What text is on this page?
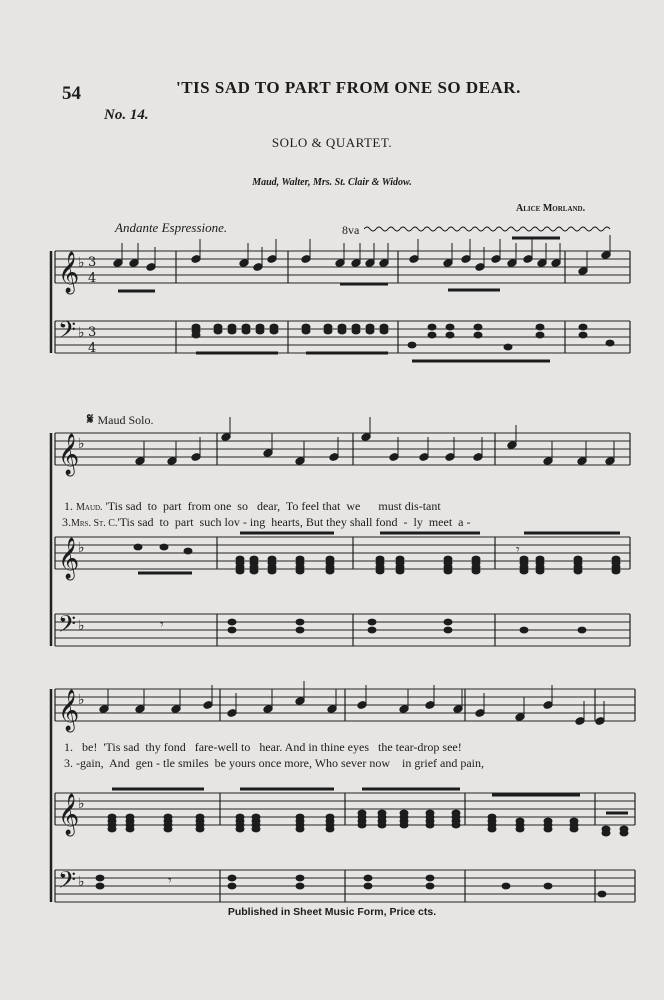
54	'TIS SAD TO PART FROM ONE SO DEAR.
No. 14.
SOLO & QUARTET.
Maud, Walter, Mrs. St. Clair & Widow.
Alice Morland.
Andante Espressione.	8va
𝄋 Maud Solo.

1. Maud. 'Tis sad  to  part  from one  so   dear,  To feel that  we      must dis-tant

3.Mrs. St. C.'Tis sad  to  part  such lov - ing  hearts, But they shall fond  -  ly  meet  a -

1.   be!  'Tis sad  thy fond   fare-well to   hear. And in thine eyes   the tear-drop see!
3. -gain,  And  gen - tle smiles  be yours once more, Who sever now    in grief and pain,
Published in Sheet Music Form, Price cts.
𝄞
𝄢
♭
♭
3
4
3
4
𝄞
𝄞
𝄢
♭
♭
♭	𝄾
𝄾
𝄞
𝄞
𝄢
♭
♭
♭	𝄾
